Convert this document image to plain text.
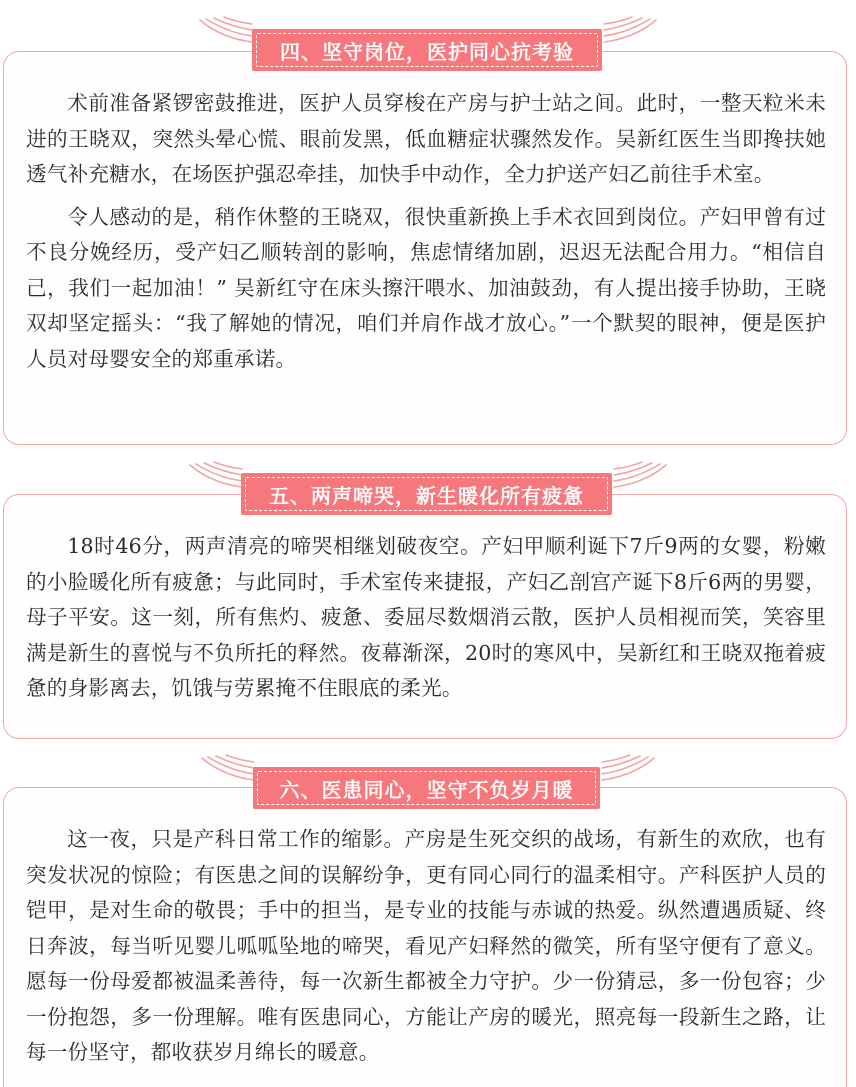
术前准备紧锣密鼓推进，医护人员穿梭在产房与护士站之间。此时，一整天粒米未进的王晓双，突然头晕心慌、眼前发黑，低血糖症状骤然发作。吴新红医生当即搀扶她透气补充糖水，在场医护强忍牵挂，加快手中动作，全力护送产妇乙前往手术室。

令人感动的是，稍作休整的王晓双，很快重新换上手术衣回到岗位。产妇甲曾有过不良分娩经历，受产妇乙顺转剖的影响，焦虑情绪加剧，迟迟无法配合用力。“相信自己，我们一起加油！” 吴新红守在床头擦汗喂水、加油鼓劲，有人提出接手协助，王晓双却坚定摇头：“我了解她的情况，咱们并肩作战才放心。”一个默契的眼神，便是医护人员对母婴安全的郑重承诺。

四、坚守岗位，医护同心抗考验

18时46分，两声清亮的啼哭相继划破夜空。产妇甲顺利诞下7斤9两的女婴，粉嫩的小脸暖化所有疲惫；与此同时，手术室传来捷报，产妇乙剖宫产诞下8斤6两的男婴，母子平安。这一刻，所有焦灼、疲惫、委屈尽数烟消云散，医护人员相视而笑，笑容里满是新生的喜悦与不负所托的释然。夜幕渐深，20时的寒风中，吴新红和王晓双拖着疲惫的身影离去，饥饿与劳累掩不住眼底的柔光。

五、两声啼哭，新生暖化所有疲惫

这一夜，只是产科日常工作的缩影。产房是生死交织的战场，有新生的欢欣，也有突发状况的惊险；有医患之间的误解纷争，更有同心同行的温柔相守。产科医护人员的铠甲，是对生命的敬畏；手中的担当，是专业的技能与赤诚的热爱。纵然遭遇质疑、终日奔波，每当听见婴儿呱呱坠地的啼哭，看见产妇释然的微笑，所有坚守便有了意义。愿每一份母爱都被温柔善待，每一次新生都被全力守护。少一份猜忌，多一份包容；少一份抱怨，多一份理解。唯有医患同心，方能让产房的暖光，照亮每一段新生之路，让每一份坚守，都收获岁月绵长的暖意。

六、医患同心，坚守不负岁月暖
